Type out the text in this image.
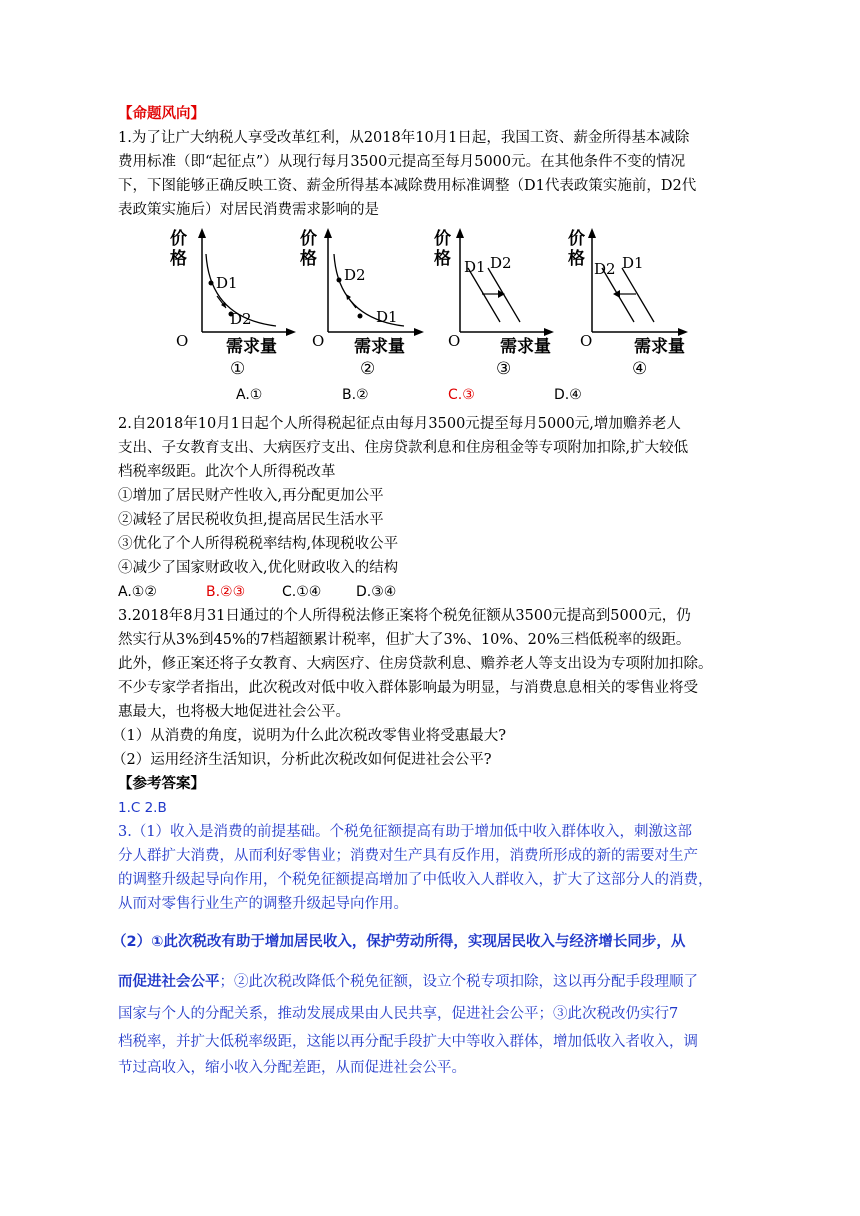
【命题风向】
1.为了让广大纳税人享受改革红利，从2018年10月1日起，我国工资、薪金所得基本减除
费用标准（即“起征点”）从现行每月3500元提高至每月5000元。在其他条件不变的情况
下，下图能够正确反映工资、薪金所得基本减除费用标准调整（D1代表政策实施前，D2代
表政策实施后）对居民消费需求影响的是
价
格
D1
D2
O 需求量
①
价
格
D2
D1
O 需求量
②
价
格 D1 D2
O 需求量
③
价
格 D2 D1
O 需求量
④
A.①	B.②	C.③	D.④
2.自2018年10月1日起个人所得税起征点由每月3500元提至每月5000元,增加赡养老人
支出、子女教育支出、大病医疗支出、住房贷款利息和住房租金等专项附加扣除,扩大较低
档税率级距。此次个人所得税改革
①增加了居民财产性收入,再分配更加公平
②减轻了居民税收负担,提高居民生活水平
③优化了个人所得税税率结构,体现税收公平
④减少了国家财政收入,优化财政收入的结构
A.①②	B.②③	C.①④ D.③④
3.2018年8月31日通过的个人所得税法修正案将个税免征额从3500元提高到5000元，仍
然实行从3%到45%的7档超额累计税率，但扩大了3%、10%、20%三档低税率的级距。
此外，修正案还将子女教育、大病医疗、住房贷款利息、赡养老人等支出设为专项附加扣除。
不少专家学者指出，此次税改对低中收入群体影响最为明显，与消费息息相关的零售业将受
惠最大，也将极大地促进社会公平。
（1）从消费的角度，说明为什么此次税改零售业将受惠最大?
（2）运用经济生活知识，分析此次税改如何促进社会公平?
【参考答案】
1.C 2.B
3.（1）收入是消费的前提基础。个税免征额提高有助于增加低中收入群体收入，刺激这部
分人群扩大消费，从而利好零售业；消费对生产具有反作用，消费所形成的新的需要对生产
的调整升级起导向作用，个税免征额提高增加了中低收入人群收入，扩大了这部分人的消费，
从而对零售行业生产的调整升级起导向作用。
（2）①此次税改有助于增加居民收入，保护劳动所得，实现居民收入与经济增长同步，从
而促进社会公平；②此次税改降低个税免征额，设立个税专项扣除，这以再分配手段理顺了
国家与个人的分配关系，推动发展成果由人民共享，促进社会公平；③此次税改仍实行7
档税率，并扩大低税率级距，这能以再分配手段扩大中等收入群体，增加低收入者收入，调
节过高收入，缩小收入分配差距，从而促进社会公平。
